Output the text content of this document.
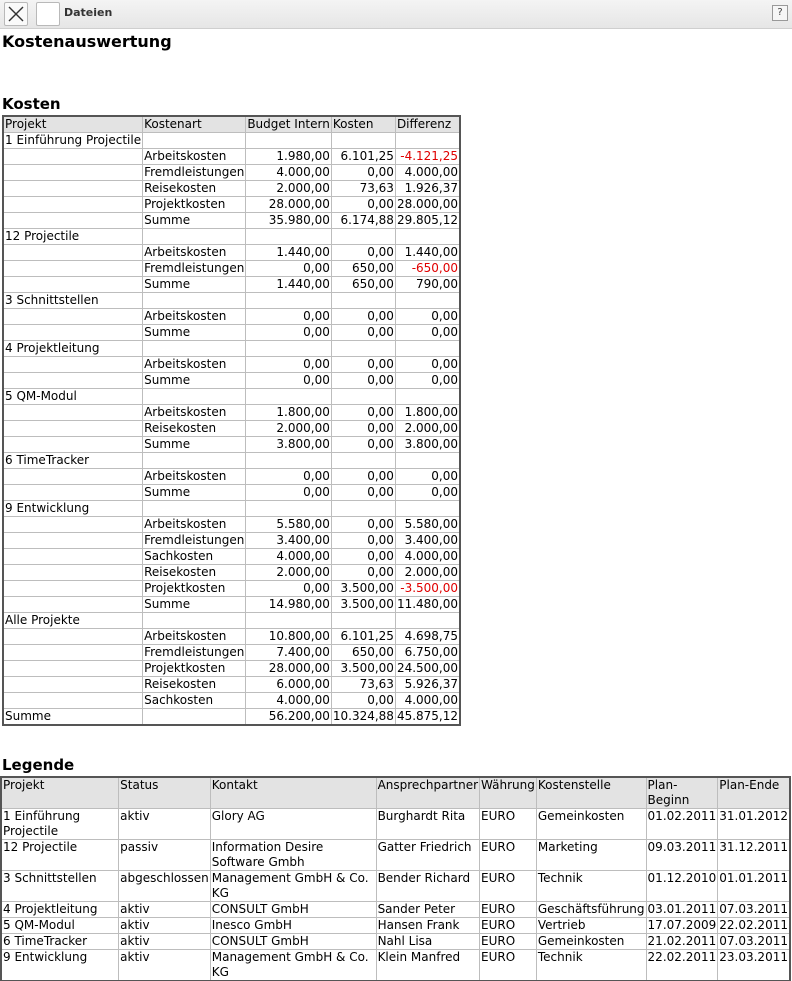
Dateien	?
Kostenauswertung
Kosten
Projekt	Kostenart	Budget Intern	Kosten	Differenz
1 Einführung Projectile				
	Arbeitskosten	1.980,00	6.101,25	-4.121,25
	Fremdleistungen	4.000,00	0,00	4.000,00
	Reisekosten	2.000,00	73,63	1.926,37
	Projektkosten	28.000,00	0,00	28.000,00
	Summe	35.980,00	6.174,88	29.805,12
12 Projectile				
	Arbeitskosten	1.440,00	0,00	1.440,00
	Fremdleistungen	0,00	650,00	-650,00
	Summe	1.440,00	650,00	790,00
3 Schnittstellen				
	Arbeitskosten	0,00	0,00	0,00
	Summe	0,00	0,00	0,00
4 Projektleitung				
	Arbeitskosten	0,00	0,00	0,00
	Summe	0,00	0,00	0,00
5 QM-Modul				
	Arbeitskosten	1.800,00	0,00	1.800,00
	Reisekosten	2.000,00	0,00	2.000,00
	Summe	3.800,00	0,00	3.800,00
6 TimeTracker				
	Arbeitskosten	0,00	0,00	0,00
	Summe	0,00	0,00	0,00
9 Entwicklung				
	Arbeitskosten	5.580,00	0,00	5.580,00
	Fremdleistungen	3.400,00	0,00	3.400,00
	Sachkosten	4.000,00	0,00	4.000,00
	Reisekosten	2.000,00	0,00	2.000,00
	Projektkosten	0,00	3.500,00	-3.500,00
	Summe	14.980,00	3.500,00	11.480,00
Alle Projekte				
	Arbeitskosten	10.800,00	6.101,25	4.698,75
	Fremdleistungen	7.400,00	650,00	6.750,00
	Projektkosten	28.000,00	3.500,00	24.500,00
	Reisekosten	6.000,00	73,63	5.926,37
	Sachkosten	4.000,00	0,00	4.000,00
Summe		56.200,00	10.324,88	45.875,12
Legende
Projekt	Status	Kontakt	Ansprechpartner	Währung	Kostenstelle	Plan-Beginn	Plan-Ende
1 Einführung Projectile	aktiv	Glory AG	Burghardt Rita	EURO	Gemeinkosten	01.02.2011	31.01.2012
12 Projectile	passiv	Information Desire Software Gmbh	Gatter Friedrich	EURO	Marketing	09.03.2011	31.12.2011
3 Schnittstellen	abgeschlossen	Management GmbH & Co. KG	Bender Richard	EURO	Technik	01.12.2010	01.01.2011
4 Projektleitung	aktiv	CONSULT GmbH	Sander Peter	EURO	Geschäftsführung	03.01.2011	07.03.2011
5 QM-Modul	aktiv	Inesco GmbH	Hansen Frank	EURO	Vertrieb	17.07.2009	22.02.2011
6 TimeTracker	aktiv	CONSULT GmbH	Nahl Lisa	EURO	Gemeinkosten	21.02.2011	07.03.2011
9 Entwicklung	aktiv	Management GmbH & Co. KG	Klein Manfred	EURO	Technik	22.02.2011	23.03.2011
